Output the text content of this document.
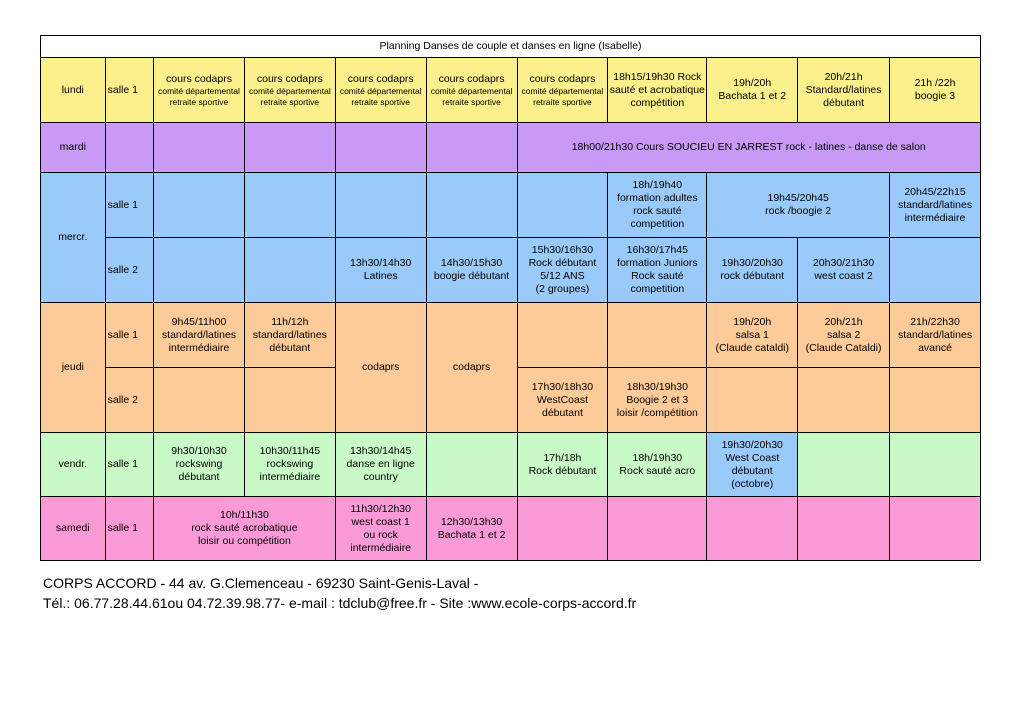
Planning Danses de couple et danses en ligne (Isabelle)										
lundi	salle 1	cours codaprs
comité départemental
retraite sportive	cours codaprs
comité départemental
retraite sportive	cours codaprs
comité départemental
retraite sportive	cours codaprs
comité départemental
retraite sportive	cours codaprs
comité départemental
retraite sportive	18h15/19h30 Rock
sauté et acrobatique
compétition	19h/20h
Bachata 1 et 2	20h/21h
Standard/latines
débutant	21h /22h
boogie 3

mardi						18h00/21h30 Cours SOUCIEU EN JARREST rock - latines - danse de salon				
mercr.	salle 1						18h/19h40
formation adultes
rock sauté
competition	19h45/20h45
rock /boogie 2		20h45/22h15
standard/latines
intermédiaire

	salle 2			13h30/14h30
Latines	14h30/15h30
boogie débutant	15h30/16h30
Rock débutant
5/12 ANS
(2 groupes)	16h30/17h45
formation Juniors
Rock sauté
competition	19h30/20h30
rock débutant	20h30/21h30
west coast 2	

jeudi	salle 1	9h45/11h00
standard/latines
intermédiaire	11h/12h
standard/latines
débutant	codaprs	codaprs			19h/20h
salsa 1
(Claude cataldi)	20h/21h
salsa 2
(Claude Cataldi)	21h/22h30
standard/latines
avancé

	salle 2					17h30/18h30
WestCoast
débutant	18h30/19h30
Boogie 2 et 3
loisir /compétition			

vendr.	salle 1	9h30/10h30
rockswing
débutant	10h30/11h45
rockswing
intermédiaire	13h30/14h45
danse en ligne
country		17h/18h
Rock débutant	18h/19h30
Rock sauté acro	19h30/20h30
West Coast
débutant
(octobre)		

samedi	salle 1	10h/11h30
rock sauté acrobatique
loisir ou compétition		11h30/12h30
west coast 1
ou rock
intermédiaire	12h30/13h30
Bachata 1 et 2					

CORPS ACCORD - 44 av. G.Clemenceau - 69230 Saint-Genis-Laval -
Tél.: 06.77.28.44.61ou 04.72.39.98.77- e-mail : tdclub@free.fr - Site :www.ecole-corps-accord.fr
